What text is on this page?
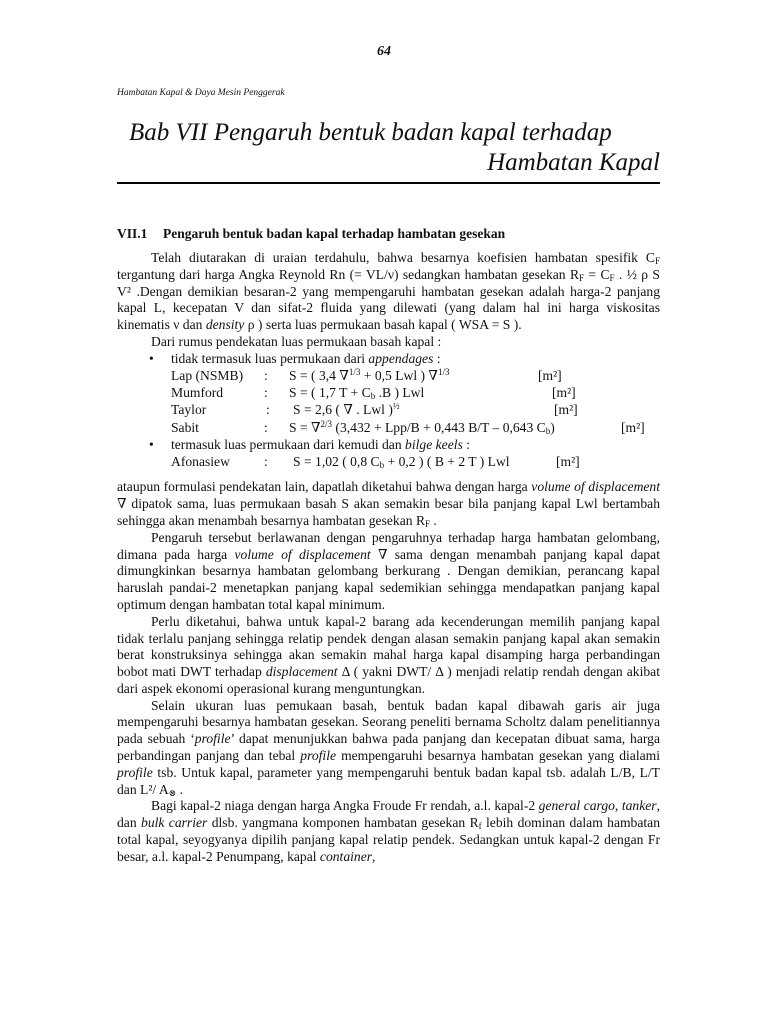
64
Hambatan Kapal & Daya Mesin Penggerak
Bab VII Pengaruh bentuk badan kapal terhadap
Hambatan Kapal
VII.1 Pengaruh bentuk badan kapal terhadap hambatan gesekan

Telah diutarakan di uraian terdahulu, bahwa besarnya koefisien hambatan spesifik $C_F$ tergantung dari harga Angka Reynold Rn (= VL/ν) sedangkan hambatan gesekan $R_F = C_F$ . ½ ρ S V² .Dengan demikian besaran-2 yang mempengaruhi hambatan gesekan adalah harga-2 panjang kapal L, kecepatan V dan sifat-2 fluida yang dilewati (yang dalam hal ini harga viskositas kinematis ν dan density ρ ) serta luas permukaan basah kapal ( WSA = S ).

Dari rumus pendekatan luas permukaan basah kapal :

• tidak termasuk luas permukaan dari appendages :

Lap (NSMB) : S = ( 3,4 ∇$^{1/3}$ + 0,5 Lwl ) ∇$^{1/3}$	[m²]
Mumford	: S = ( 1,7 $T + C_b$ .B ) Lwl	[m²]
Taylor	: S = 2,6 ( ∇ . Lwl )$^{\frac{1}{2}}$	[m²]
Sabit	: S = ∇$^{2/3}$ (3,432 + Lpp/B + 0,443 B/T – 0,643 $C_b$)	[m²]

• termasuk luas permukaan dari kemudi dan bilge keels :

Afonasiew	: S = 1,02 ( 0,8 $C_b + 0,2$ ) ( B + 2 T ) Lwl	[m²]

ataupun formulasi pendekatan lain, dapatlah diketahui bahwa dengan harga volume of displacement ∇ dipatok sama, luas permukaan basah S akan semakin besar bila panjang kapal Lwl bertambah sehingga akan menambah besarnya hambatan gesekan $R_F$ .

Pengaruh tersebut berlawanan dengan pengaruhnya terhadap harga hambatan gelombang, dimana pada harga volume of displacement ∇ sama dengan menambah panjang kapal dapat dimungkinkan besarnya hambatan gelombang berkurang . Dengan demikian, perancang kapal haruslah pandai-2 menetapkan panjang kapal sedemikian sehingga mendapatkan panjang kapal optimum dengan hambatan total kapal minimum.

Perlu diketahui, bahwa untuk kapal-2 barang ada kecenderungan memilih panjang kapal tidak terlalu panjang sehingga relatip pendek dengan alasan semakin panjang kapal akan semakin berat konstruksinya sehingga akan semakin mahal harga kapal disamping harga perbandingan bobot mati DWT terhadap displacement Δ ( yakni DWT/ Δ ) menjadi relatip rendah dengan akibat dari aspek ekonomi operasional kurang menguntungkan.

Selain ukuran luas pemukaan basah, bentuk badan kapal dibawah garis air juga mempengaruhi besarnya hambatan gesekan. Seorang peneliti bernama Scholtz dalam penelitiannya pada sebuah ‘profile’ dapat menunjukkan bahwa pada panjang dan kecepatan dibuat sama, harga perbandingan panjang dan tebal profile mempengaruhi besarnya hambatan gesekan yang dialami profile tsb. Untuk kapal, parameter yang mempengaruhi bentuk badan kapal tsb. adalah L/B, L/T dan L²/ $A_\otimes$ .

Bagi kapal-2 niaga dengan harga Angka Froude Fr rendah, a.l. kapal-2 general cargo, tanker, dan bulk carrier dlsb. yangmana komponen hambatan gesekan $R_f$ lebih dominan dalam hambatan total kapal, seyogyanya dipilih panjang kapal relatip pendek. Sedangkan untuk kapal-2 dengan Fr besar, a.l. kapal-2 Penumpang, kapal container,
